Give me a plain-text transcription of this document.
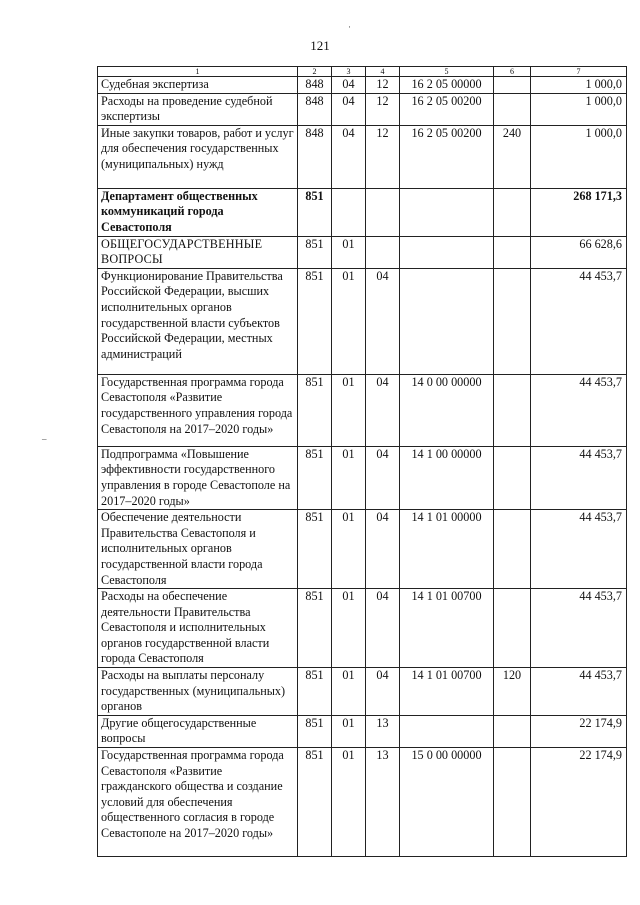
121
1	2	3	4	5	6	7
Судебная экспертиза	848	04	12	16 2 05 00000		1 000,0
Расходы на проведение судебной экспертизы	848	04	12	16 2 05 00200		1 000,0
Иные закупки товаров, работ и услуг для обеспечения государственных (муниципальных) нужд	848	04	12	16 2 05 00200	240	1 000,0
Департамент общественных коммуникаций города Севастополя	851					268 171,3
ОБЩЕГОСУДАРСТВЕННЫЕ ВОПРОСЫ	851	01				66 628,6
Функционирование Правительства Российской Федерации, высших исполнительных органов государственной власти субъектов Российской Федерации, местных администраций	851	01	04			44 453,7
Государственная программа города Севастополя «Развитие государственного управления города Севастополя на 2017–2020 годы»	851	01	04	14 0 00 00000		44 453,7
Подпрограмма «Повышение эффективности государственного управления в городе Севастополе на 2017–2020 годы»	851	01	04	14 1 00 00000		44 453,7
Обеспечение деятельности Правительства Севастополя и исполнительных органов государственной власти города Севастополя	851	01	04	14 1 01 00000		44 453,7
Расходы на обеспечение деятельности Правительства Севастополя и исполнительных органов государственной власти города Севастополя	851	01	04	14 1 01 00700		44 453,7
Расходы на выплаты персоналу государственных (муниципальных) органов	851	01	04	14 1 01 00700	120	44 453,7
Другие общегосударственные вопросы	851	01	13			22 174,9
Государственная программа города Севастополя «Развитие гражданского общества и создание условий для обеспечения общественного согласия в городе Севастополе на 2017–2020 годы»	851	01	13	15 0 00 00000		22 174,9
·
–
